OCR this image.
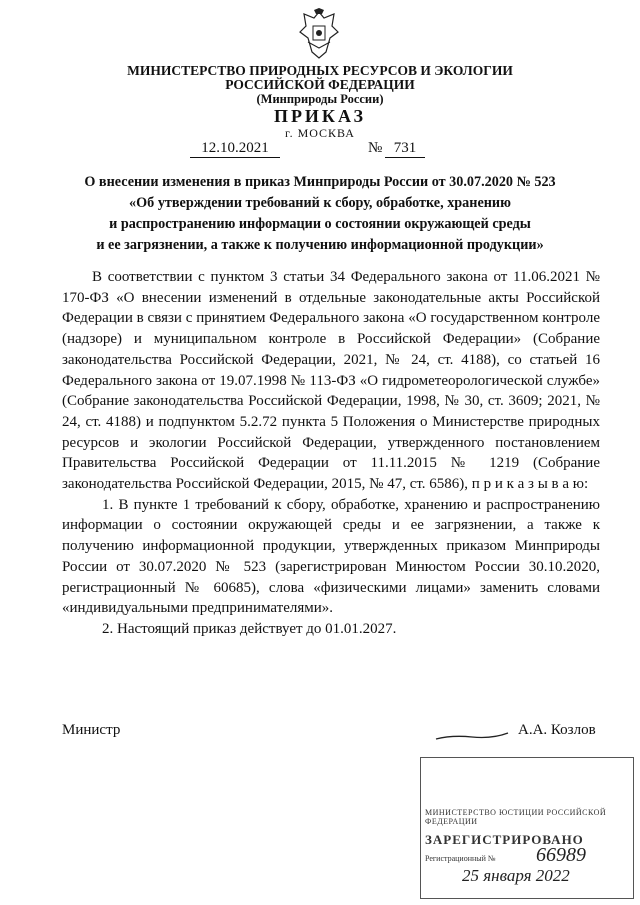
МИНИСТЕРСТВО ПРИРОДНЫХ РЕСУРСОВ И ЭКОЛОГИИ
РОССИЙСКОЙ ФЕДЕРАЦИИ
(Минприроды России)
ПРИКАЗ
г. МОСКВА
12.10.2021	№ 731
О внесении изменения в приказ Минприроды России от 30.07.2020 № 523
«Об утверждении требований к сбору, обработке, хранению
и распространению информации о состоянии окружающей среды
и ее загрязнении, а также к получению информационной продукции»

В соответствии с пунктом 3 статьи 34 Федерального закона от 11.06.2021 № 170-ФЗ «О внесении изменений в отдельные законодательные акты Российской Федерации в связи с принятием Федерального закона «О государственном контроле (надзоре) и муниципальном контроле в Российской Федерации» (Собрание законодательства Российской Федерации, 2021, № 24, ст. 4188), со статьей 16 Федерального закона от 19.07.1998 № 113-ФЗ «О гидрометеорологической службе» (Собрание законодательства Российской Федерации, 1998, № 30, ст. 3609; 2021, № 24, ст. 4188) и подпунктом 5.2.72 пункта 5 Положения о Министерстве природных ресурсов и экологии Российской Федерации, утвержденного постановлением Правительства Российской Федерации от 11.11.2015 № 1219 (Собрание законодательства Российской Федерации, 2015, № 47, ст. 6586), п р и к а з ы в а ю:

1. В пункте 1 требований к сбору, обработке, хранению и распространению информации о состоянии окружающей среды и ее загрязнении, а также к получению информационной продукции, утвержденных приказом Минприроды России от 30.07.2020 № 523 (зарегистрирован Минюстом России 30.10.2020, регистрационный № 60685), слова «физическими лицами» заменить словами «индивидуальными предпринимателями».

2. Настоящий приказ действует до 01.01.2027.

Министр	А.А. Козлов
МИНИСТЕРСТВО ЮСТИЦИИ РОССИЙСКОЙ ФЕДЕРАЦИИ
ЗАРЕГИСТРИРОВАНО
Регистрационный № 66989
25 января 2022
